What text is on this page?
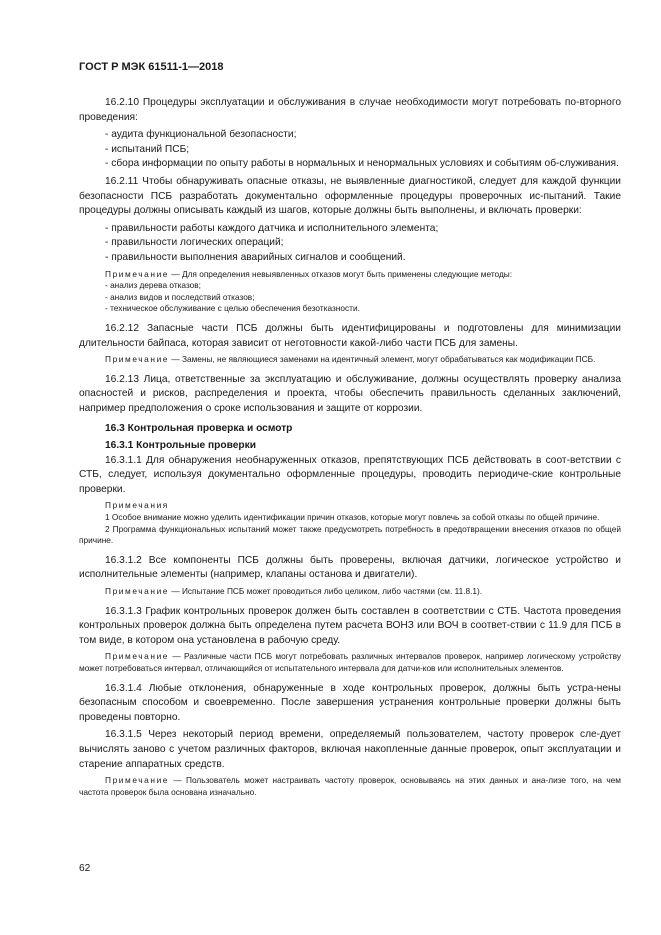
ГОСТ Р МЭК 61511-1—2018
16.2.10 Процедуры эксплуатации и обслуживания в случае необходимости могут потребовать по-вторного проведения:
- аудита функциональной безопасности;
- испытаний ПСБ;
- сбора информации по опыту работы в нормальных и ненормальных условиях и событиям об-служивания.
16.2.11 Чтобы обнаруживать опасные отказы, не выявленные диагностикой, следует для каждой функции безопасности ПСБ разработать документально оформленные процедуры проверочных ис-пытаний. Такие процедуры должны описывать каждый из шагов, которые должны быть выполнены, и включать проверки:
- правильности работы каждого датчика и исполнительного элемента;
- правильности логических операций;
- правильности выполнения аварийных сигналов и сообщений.
Примечание — Для определения невыявленных отказов могут быть применены следующие методы:
- анализ дерева отказов;
- анализ видов и последствий отказов;
- техническое обслуживание с целью обеспечения безотказности.
16.2.12 Запасные части ПСБ должны быть идентифицированы и подготовлены для минимизации длительности байпаса, которая зависит от неготовности какой-либо части ПСБ для замены.
Примечание — Замены, не являющиеся заменами на идентичный элемент, могут обрабатываться как модификации ПСБ.
16.2.13 Лица, ответственные за эксплуатацию и обслуживание, должны осуществлять проверку анализа опасностей и рисков, распределения и проекта, чтобы обеспечить правильность сделанных заключений, например предположения о сроке использования и защите от коррозии.
16.3 Контрольная проверка и осмотр
16.3.1 Контрольные проверки
16.3.1.1 Для обнаружения необнаруженных отказов, препятствующих ПСБ действовать в соот-ветствии с СТБ, следует, используя документально оформленные процедуры, проводить периодиче-ские контрольные проверки.
Примечания
1 Особое внимание можно уделить идентификации причин отказов, которые могут повлечь за собой отказы по общей причине.
2 Программа функциональных испытаний может также предусмотреть потребность в предотвращении внесения отказов по общей причине.
16.3.1.2 Все компоненты ПСБ должны быть проверены, включая датчики, логическое устройство и исполнительные элементы (например, клапаны останова и двигатели).
Примечание — Испытание ПСБ может проводиться либо целиком, либо частями (см. 11.8.1).
16.3.1.3 График контрольных проверок должен быть составлен в соответствии с СТБ. Частота проведения контрольных проверок должна быть определена путем расчета ВОНЗ или ВОЧ в соответ-ствии с 11.9 для ПСБ в том виде, в котором она установлена в рабочую среду.
Примечание — Различные части ПСБ могут потребовать различных интервалов проверок, например логическому устройству может потребоваться интервал, отличающийся от испытательного интервала для датчи-ков или исполнительных элементов.
16.3.1.4 Любые отклонения, обнаруженные в ходе контрольных проверок, должны быть устра-нены безопасным способом и своевременно. После завершения устранения контрольные проверки должны быть проведены повторно.
16.3.1.5 Через некоторый период времени, определяемый пользователем, частоту проверок сле-дует вычислять заново с учетом различных факторов, включая накопленные данные проверок, опыт эксплуатации и старение аппаратных средств.
Примечание — Пользователь может настраивать частоту проверок, основываясь на этих данных и ана-лизе того, на чем частота проверок была основана изначально.
62
